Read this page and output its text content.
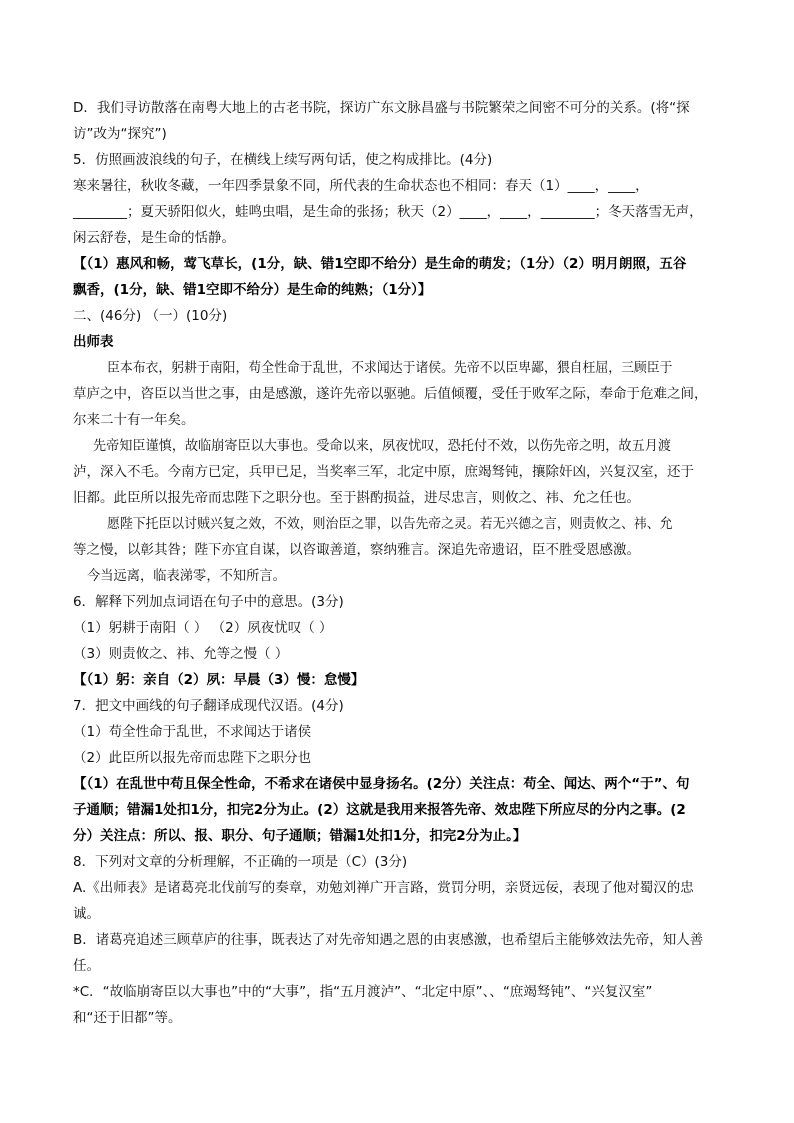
D．我们寻访散落在南粤大地上的古老书院，探访广东文脉昌盛与书院繁荣之间密不可分的关系。(将“探
访”改为“探究”)
5．仿照画波浪线的句子，在横线上续写两句话，使之构成排比。(4分)
寒来暑往，秋收冬藏，一年四季景象不同，所代表的生命状态也不相同：春天（1）____，____，
________；夏天骄阳似火，蛙鸣虫唱，是生命的张扬；秋天（2）____，____，________；冬天落雪无声，
闲云舒卷，是生命的恬静。
【（1）惠风和畅，莺飞草长，(1分，缺、错1空即不给分）是生命的萌发；（1分）（2）明月朗照，五谷
飘香，(1分，缺、错1空即不给分）是生命的纯熟；（1分）】
二、(46分) （一）(10分)
出师表
臣本布衣，躬耕于南阳，苟全性命于乱世，不求闻达于诸侯。先帝不以臣卑鄙，猥自枉屈，三顾臣于
草庐之中，咨臣以当世之事，由是感激，遂许先帝以驱驰。后值倾覆，受任于败军之际，奉命于危难之间，
尔来二十有一年矣。
先帝知臣谨慎，故临崩寄臣以大事也。受命以来，夙夜忧叹，恐托付不效，以伤先帝之明，故五月渡
泸，深入不毛。今南方已定，兵甲已足，当奖率三军，北定中原，庶竭驽钝，攘除奸凶，兴复汉室，还于
旧都。此臣所以报先帝而忠陛下之职分也。至于斟酌损益，进尽忠言，则攸之、祎、允之任也。
愿陛下托臣以讨贼兴复之效，不效，则治臣之罪，以告先帝之灵。若无兴德之言，则责攸之、祎、允
等之慢，以彰其咎；陛下亦宜自谋，以咨诹善道，察纳雅言。深追先帝遗诏，臣不胜受恩感激。
今当远离，临表涕零，不知所言。
6．解释下列加点词语在句子中的意思。(3分)
（1）躬耕于南阳（ ） （2）夙夜忧叹（ ）
（3）则责攸之、祎、允等之慢（ ）
【（1）躬：亲自（2）夙：早晨（3）慢：怠慢】
7．把文中画线的句子翻译成现代汉语。(4分)
（1）苟全性命于乱世，不求闻达于诸侯
（2）此臣所以报先帝而忠陛下之职分也
【（1）在乱世中苟且保全性命，不希求在诸侯中显身扬名。(2分）关注点：苟全、闻达、两个“于”、句
子通顺；错漏1处扣1分，扣完2分为止。(2）这就是我用来报答先帝、效忠陛下所应尽的分内之事。(2
分）关注点：所以、报、职分、句子通顺；错漏1处扣1分，扣完2分为止。】
8．下列对文章的分析理解，不正确的一项是（C）(3分)
A.《出师表》是诸葛亮北伐前写的奏章，劝勉刘禅广开言路，赏罚分明，亲贤远佞，表现了他对蜀汉的忠
诚。
B．诸葛亮追述三顾草庐的往事，既表达了对先帝知遇之恩的由衷感激，也希望后主能够效法先帝，知人善
任。
*C．“故临崩寄臣以大事也”中的“大事”，指“五月渡泸”、“北定中原”、、“庶竭驽钝”、“兴复汉室”
和“还于旧都”等。
